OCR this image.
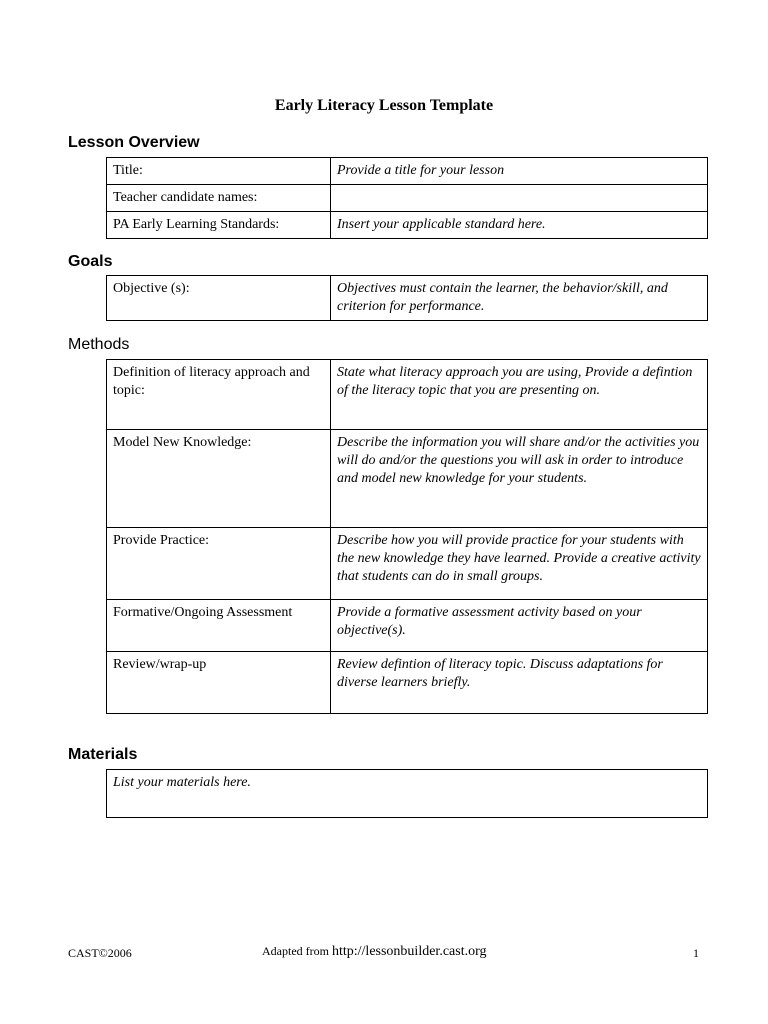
Early Literacy Lesson Template
Lesson Overview
Title:	Provide a title for your lesson
Teacher candidate names:	
PA Early Learning Standards:	Insert your applicable standard here.
Goals
Objective (s):	Objectives must contain the learner, the behavior/skill, and criterion for performance.
Methods
Definition of literacy approach and topic:	State what literacy approach you are using, Provide a defintion of the literacy topic that you are presenting on.
Model New Knowledge:	Describe the information you will share and/or the activities you will do and/or the questions you will ask in order to introduce and model new knowledge for your students.
Provide Practice:	Describe how you will provide practice for your students with the new knowledge they have learned. Provide a creative activity that students can do in small groups.
Formative/Ongoing Assessment	Provide a formative assessment activity based on your objective(s).
Review/wrap-up	Review defintion of literacy topic. Discuss adaptations for diverse learners briefly.
Materials
List your materials here.
CAST©2006	Adapted from http://lessonbuilder.cast.org	1
